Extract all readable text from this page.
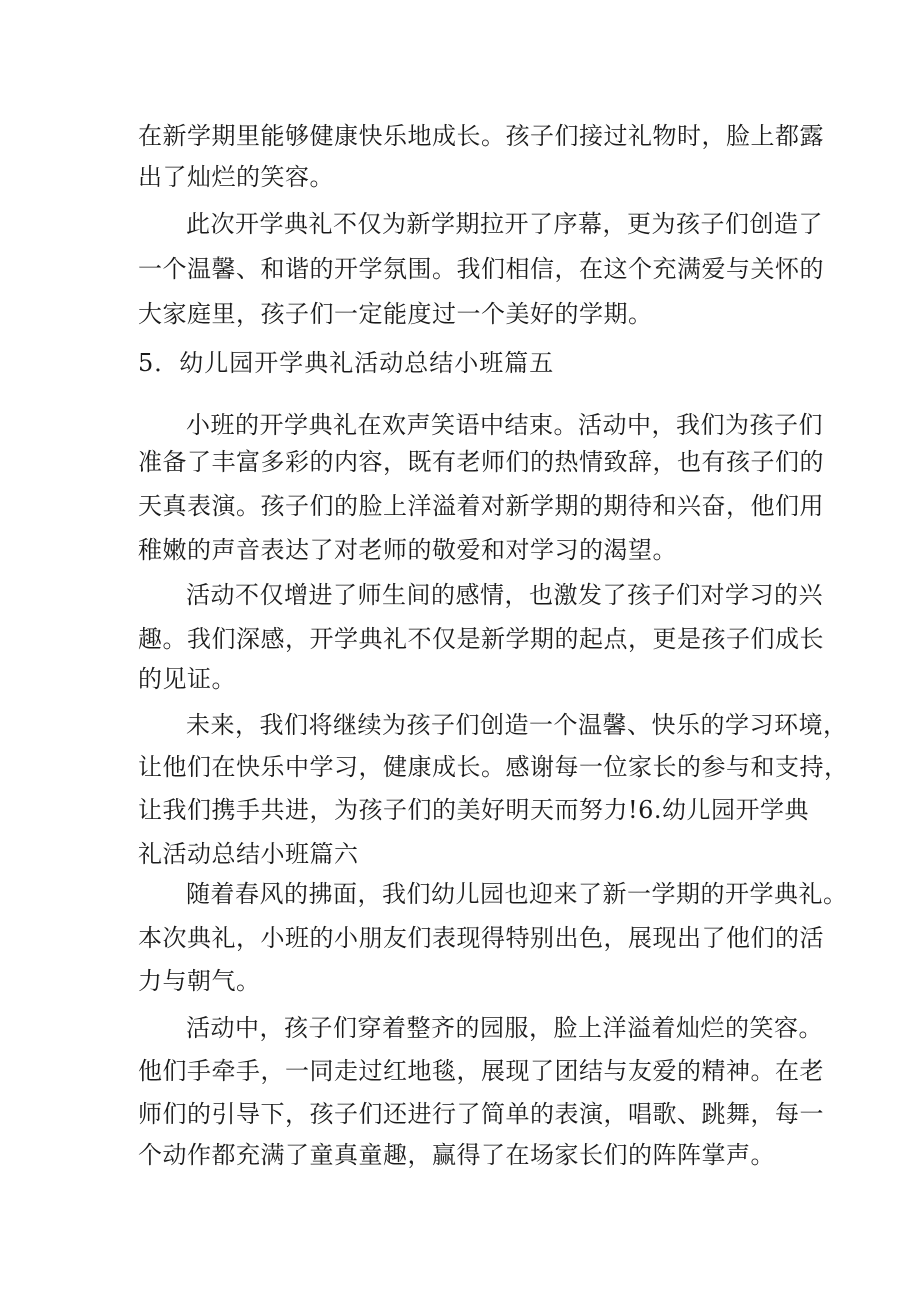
在新学期里能够健康快乐地成长。孩子们接过礼物时，脸上都露
出了灿烂的笑容。
此次开学典礼不仅为新学期拉开了序幕，更为孩子们创造了
一个温馨、和谐的开学氛围。我们相信，在这个充满爱与关怀的
大家庭里，孩子们一定能度过一个美好的学期。
5．幼儿园开学典礼活动总结小班篇五
小班的开学典礼在欢声笑语中结束。活动中，我们为孩子们
准备了丰富多彩的内容，既有老师们的热情致辞，也有孩子们的
天真表演。孩子们的脸上洋溢着对新学期的期待和兴奋，他们用
稚嫩的声音表达了对老师的敬爱和对学习的渴望。
活动不仅增进了师生间的感情，也激发了孩子们对学习的兴
趣。我们深感，开学典礼不仅是新学期的起点，更是孩子们成长
的见证。
未来，我们将继续为孩子们创造一个温馨、快乐的学习环境，
让他们在快乐中学习，健康成长。感谢每一位家长的参与和支持，
让我们携手共进，为孩子们的美好明天而努力!6.幼儿园开学典
礼活动总结小班篇六
随着春风的拂面，我们幼儿园也迎来了新一学期的开学典礼。
本次典礼，小班的小朋友们表现得特别出色，展现出了他们的活
力与朝气。
活动中，孩子们穿着整齐的园服，脸上洋溢着灿烂的笑容。
他们手牵手，一同走过红地毯，展现了团结与友爱的精神。在老
师们的引导下，孩子们还进行了简单的表演，唱歌、跳舞，每一
个动作都充满了童真童趣，赢得了在场家长们的阵阵掌声。
